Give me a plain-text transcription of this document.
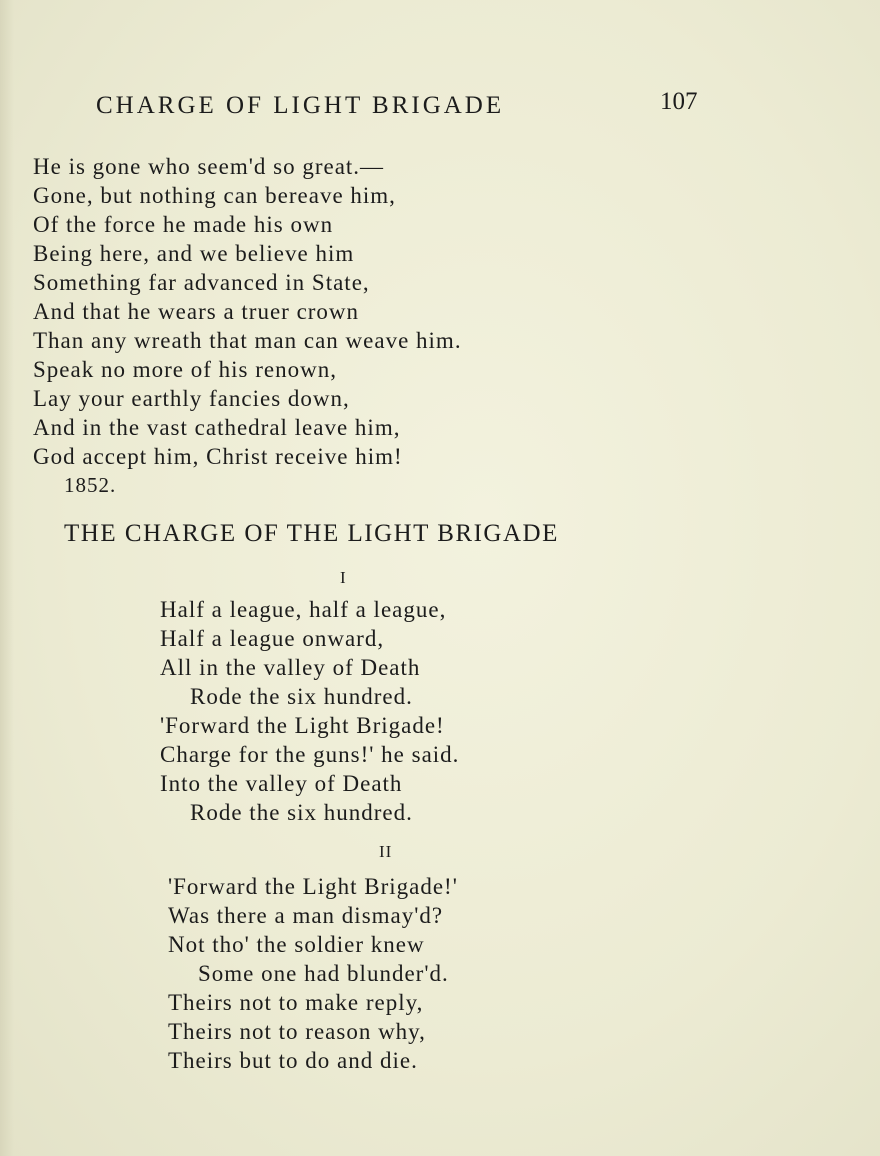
CHARGE OF LIGHT BRIGADE	107
He is gone who seem'd so great.—
Gone, but nothing can bereave him,
Of the force he made his own
Being here, and we believe him
Something far advanced in State,
And that he wears a truer crown
Than any wreath that man can weave him.
Speak no more of his renown,
Lay your earthly fancies down,
And in the vast cathedral leave him,
God accept him, Christ receive him!
1852.
THE CHARGE OF THE LIGHT BRIGADE
I
Half a league, half a league,
Half a league onward,
All in the valley of Death
Rode the six hundred.
'Forward the Light Brigade!
Charge for the guns!' he said.
Into the valley of Death
Rode the six hundred.
II
'Forward the Light Brigade!'
Was there a man dismay'd?
Not tho' the soldier knew
Some one had blunder'd.
Theirs not to make reply,
Theirs not to reason why,
Theirs but to do and die.
